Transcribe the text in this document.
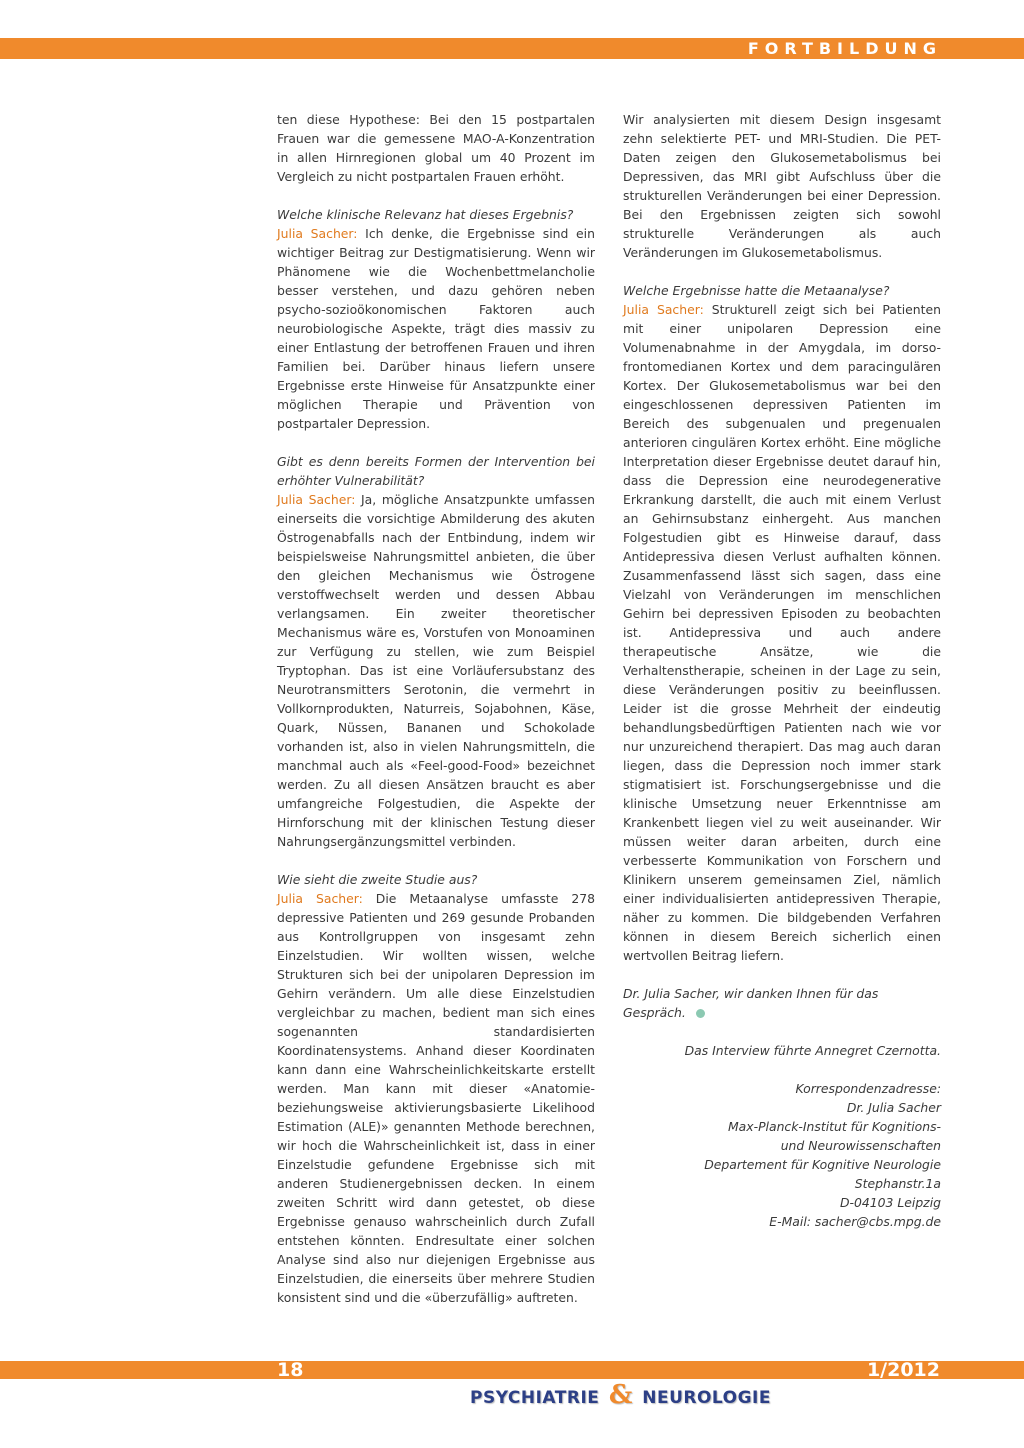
FORTBILDUNG

ten diese Hypothese: Bei den 15 postpartalen Frauen war die gemessene MAO-A-Konzentration in allen Hirnregionen global um 40 Prozent im Vergleich zu nicht postpartalen Frauen erhöht.

Welche klinische Relevanz hat dieses Ergebnis?
Julia Sacher: Ich denke, die Ergebnisse sind ein wichtiger Beitrag zur Destigmatisierung. Wenn wir Phänomene wie die Wochenbettmelancholie besser verstehen, und dazu gehören neben psycho-sozioökonomischen Faktoren auch neurobiologische Aspekte, trägt dies massiv zu einer Entlastung der betroffenen Frauen und ihren Familien bei. Darüber hinaus liefern unsere Ergebnisse erste Hinweise für Ansatzpunkte einer möglichen Therapie und Prävention von postpartaler Depression.

Gibt es denn bereits Formen der Intervention bei erhöhter Vulnerabilität?
Julia Sacher: Ja, mögliche Ansatzpunkte umfassen einerseits die vorsichtige Abmilderung des akuten Östrogenabfalls nach der Entbindung, indem wir beispielsweise Nahrungsmittel anbieten, die über den gleichen Mechanismus wie Östrogene verstoffwechselt werden und dessen Abbau verlangsamen. Ein zweiter theoretischer Mechanismus wäre es, Vorstufen von Monoaminen zur Verfügung zu stellen, wie zum Beispiel Tryptophan. Das ist eine Vorläufersubstanz des Neurotransmitters Serotonin, die vermehrt in Vollkornprodukten, Naturreis, Sojabohnen, Käse, Quark, Nüssen, Bananen und Schokolade vorhanden ist, also in vielen Nahrungsmitteln, die manchmal auch als «Feel-good-Food» bezeichnet werden. Zu all diesen Ansätzen braucht es aber umfangreiche Folgestudien, die Aspekte der Hirnforschung mit der klinischen Testung dieser Nahrungsergänzungsmittel verbinden.

Wie sieht die zweite Studie aus?
Julia Sacher: Die Metaanalyse umfasste 278 depressive Patienten und 269 gesunde Probanden aus Kontrollgruppen von insgesamt zehn Einzelstudien. Wir wollten wissen, welche Strukturen sich bei der unipolaren Depression im Gehirn verändern. Um alle diese Einzelstudien vergleichbar zu machen, bedient man sich eines sogenannten standardisierten Koordinatensystems. Anhand dieser Koordinaten kann dann eine Wahrscheinlichkeitskarte erstellt werden. Man kann mit dieser «Anatomie- beziehungsweise aktivierungsbasierte Likelihood Estimation (ALE)» genannten Methode berechnen, wir hoch die Wahrscheinlichkeit ist, dass in einer Einzelstudie gefundene Ergebnisse sich mit anderen Studienergebnissen decken. In einem zweiten Schritt wird dann getestet, ob diese Ergebnisse genauso wahrscheinlich durch Zufall entstehen könnten. Endresultate einer solchen Analyse sind also nur diejenigen Ergebnisse aus Einzelstudien, die einerseits über mehrere Studien konsistent sind und die «überzufällig» auftreten.

Wir analysierten mit diesem Design insgesamt zehn selektierte PET- und MRI-Studien. Die PET-Daten zeigen den Glukosemetabolismus bei Depressiven, das MRI gibt Aufschluss über die strukturellen Veränderungen bei einer Depression. Bei den Ergebnissen zeigten sich sowohl strukturelle Veränderungen als auch Veränderungen im Glukosemetabolismus.

Welche Ergebnisse hatte die Metaanalyse?
Julia Sacher: Strukturell zeigt sich bei Patienten mit einer unipolaren Depression eine Volumenabnahme in der Amygdala, im dorso-frontomedianen Kortex und dem paracingulären Kortex. Der Glukosemetabolismus war bei den eingeschlossenen depressiven Patienten im Bereich des subgenualen und pregenualen anterioren cingulären Kortex erhöht. Eine mögliche Interpretation dieser Ergebnisse deutet darauf hin, dass die Depression eine neurodegenerative Erkrankung darstellt, die auch mit einem Verlust an Gehirnsubstanz einhergeht. Aus manchen Folgestudien gibt es Hinweise darauf, dass Antidepressiva diesen Verlust aufhalten können. Zusammenfassend lässt sich sagen, dass eine Vielzahl von Veränderungen im menschlichen Gehirn bei depressiven Episoden zu beobachten ist. Antidepressiva und auch andere therapeutische Ansätze, wie die Verhaltenstherapie, scheinen in der Lage zu sein, diese Veränderungen positiv zu beeinflussen. Leider ist die grosse Mehrheit der eindeutig behandlungsbedürftigen Patienten nach wie vor nur unzureichend therapiert. Das mag auch daran liegen, dass die Depression noch immer stark stigmatisiert ist. Forschungsergebnisse und die klinische Umsetzung neuer Erkenntnisse am Krankenbett liegen viel zu weit auseinander. Wir müssen weiter daran arbeiten, durch eine verbesserte Kommunikation von Forschern und Klinikern unserem gemeinsamen Ziel, nämlich einer individualisierten antidepressiven Therapie, näher zu kommen. Die bildgebenden Verfahren können in diesem Bereich sicherlich einen wertvollen Beitrag liefern.

Dr. Julia Sacher, wir danken Ihnen für das Gespräch.

Das Interview führte Annegret Czernotta.

Korrespondenzadresse:

Dr. Julia Sacher

Max-Planck-Institut für Kognitions-

und Neurowissenschaften

Departement für Kognitive Neurologie

Stephanstr.1a

D-04103 Leipzig

E-Mail: sacher@cbs.mpg.de

18	1/2012
PSYCHIATRIE & NEUROLOGIE
